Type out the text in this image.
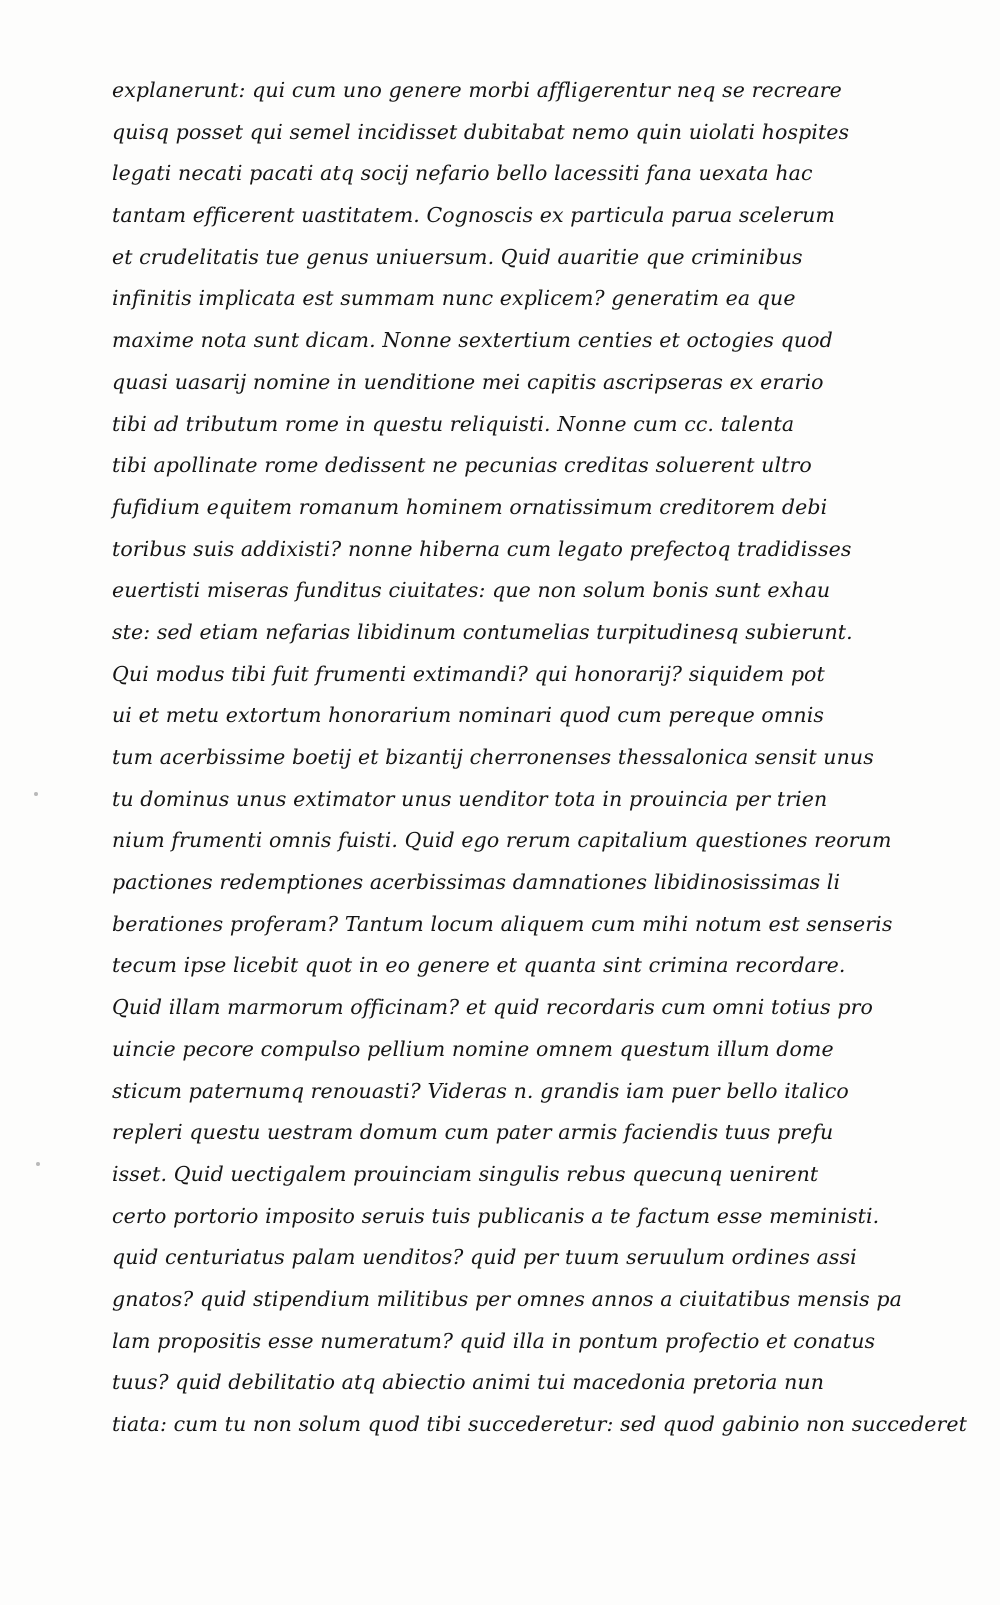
explanerunt: qui cum uno genere morbi affligerentur neq se recreare
quisq posset qui semel incidisset dubitabat nemo quin uiolati hospites
legati necati pacati atq socij nefario bello lacessiti fana uexata hac
tantam efficerent uastitatem. Cognoscis ex particula parua scelerum
et crudelitatis tue genus uniuersum. Quid auaritie que criminibus
infinitis implicata est summam nunc explicem? generatim ea que
maxime nota sunt dicam. Nonne sextertium centies et octogies quod
quasi uasarij nomine in uenditione mei capitis ascripseras ex erario
tibi ad tributum rome in questu reliquisti. Nonne cum cc. talenta
tibi apollinate rome dedissent ne pecunias creditas soluerent ultro
fufidium equitem romanum hominem ornatissimum creditorem debi
toribus suis addixisti? nonne hiberna cum legato prefectoq tradidisses
euertisti miseras funditus ciuitates: que non solum bonis sunt exhau
ste: sed etiam nefarias libidinum contumelias turpitudinesq subierunt.
Qui modus tibi fuit frumenti extimandi? qui honorarij? siquidem pot
ui et metu extortum honorarium nominari quod cum pereque omnis
tum acerbissime boetij et bizantij cherronenses thessalonica sensit unus
tu dominus unus extimator unus uenditor tota in prouincia per trien
nium frumenti omnis fuisti. Quid ego rerum capitalium questiones reorum
pactiones redemptiones acerbissimas damnationes libidinosissimas li
berationes proferam? Tantum locum aliquem cum mihi notum est senseris
tecum ipse licebit quot in eo genere et quanta sint crimina recordare.
Quid illam marmorum officinam? et quid recordaris cum omni totius pro
uincie pecore compulso pellium nomine omnem questum illum dome
sticum paternumq renouasti? Videras n. grandis iam puer bello italico
repleri questu uestram domum cum pater armis faciendis tuus prefu
isset. Quid uectigalem prouinciam singulis rebus quecunq uenirent
certo portorio imposito seruis tuis publicanis a te factum esse meministi.
quid centuriatus palam uenditos? quid per tuum seruulum ordines assi
gnatos? quid stipendium militibus per omnes annos a ciuitatibus mensis pa
lam propositis esse numeratum? quid illa in pontum profectio et conatus
tuus? quid debilitatio atq abiectio animi tui macedonia pretoria nun
tiata: cum tu non solum quod tibi succederetur: sed quod gabinio non succederet
